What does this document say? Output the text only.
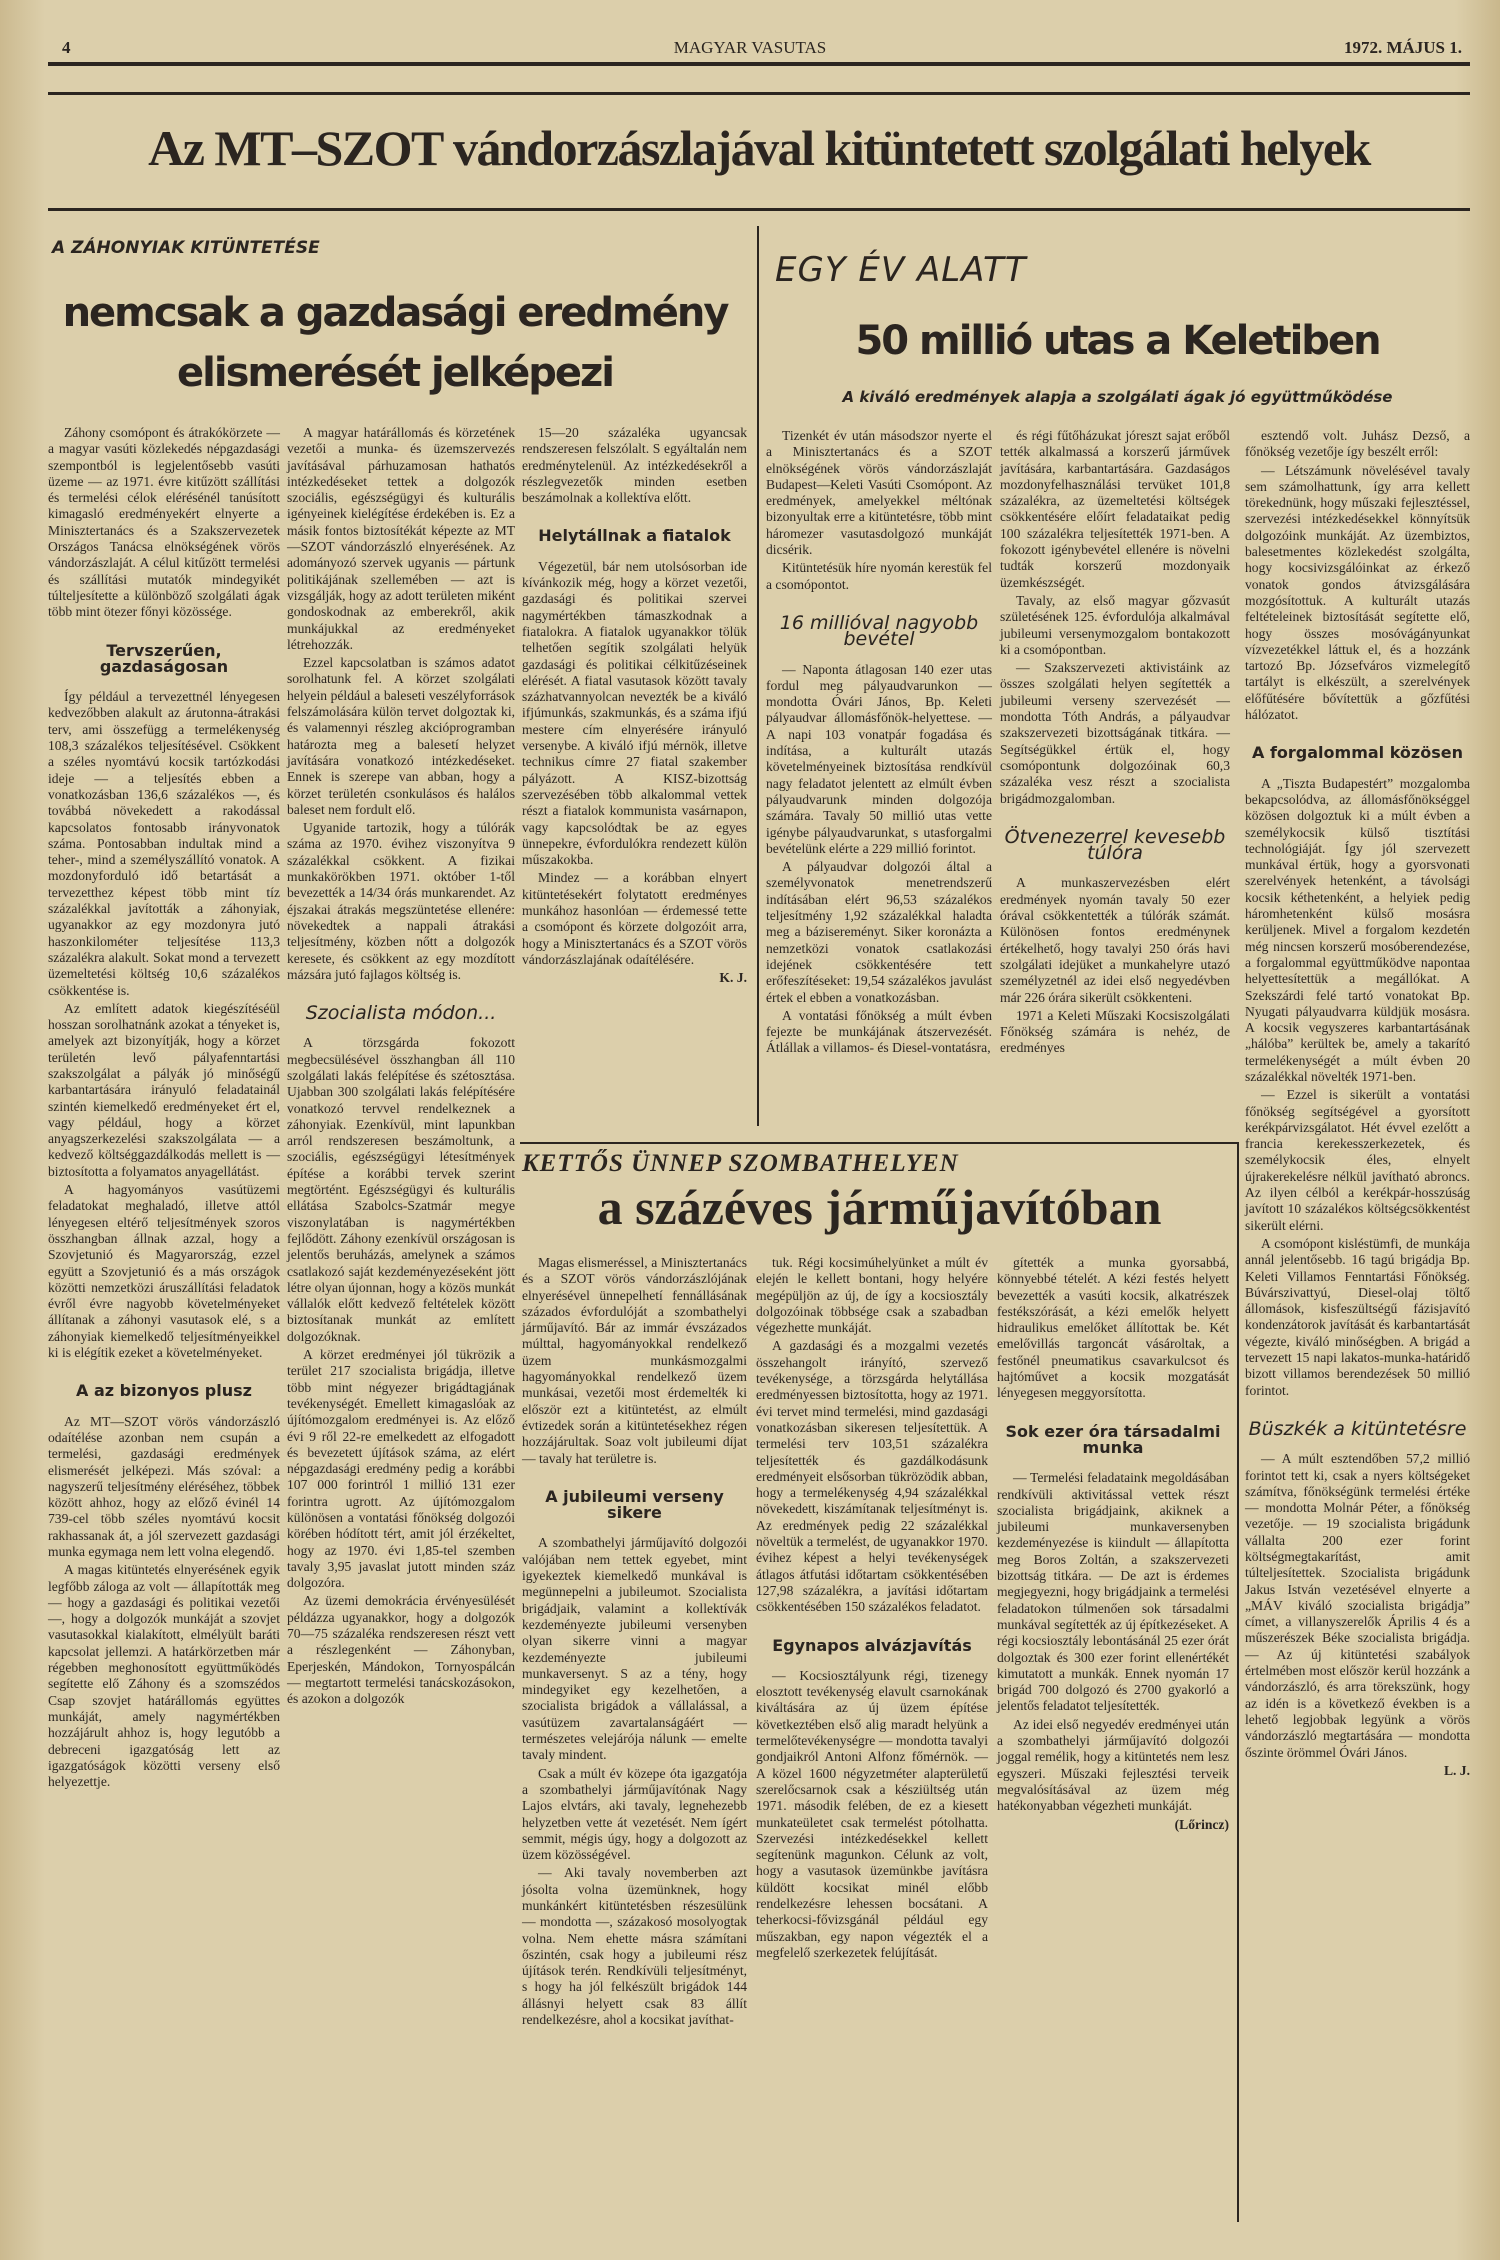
4	MAGYAR VASUTAS	1972. MÁJUS 1.
Az MT–SZOT vándorzászlajával kitüntetett szolgálati helyek
A ZÁHONYIAK KITÜNTETÉSE
nemcsak a gazdasági eredmény
elismerését jelképezi
EGY ÉV ALATT
50 millió utas a Keletiben
A kiváló eredmények alapja a szolgálati ágak jó együttműködése
KETTŐS ÜNNEP SZOMBATHELYEN
a százéves járműjavítóban

Záhony csomópont és átrakókörzete — a magyar vasúti közlekedés népgazdasági szempontból is legjelentősebb vasúti üzeme — az 1971. évre kitűzött szállítási és termelési célok elérésénél tanúsított kimagasló eredményekért elnyerte a Minisztertanács és a Szakszervezetek Országos Tanácsa elnökségének vörös vándorzászlaját. A célul kitűzött termelési és szállítási mutatók mindegyikét túlteljesítette a különböző szolgálati ágak több mint ötezer főnyi közössége.

Tervszerűen, gazdaságosan

Így például a tervezettnél lényegesen kedvezőbben alakult az árutonna-átrakási terv, ami összefügg a termelékenység 108,3 százalékos teljesítésével. Csökkent a széles nyomtávú kocsik tartózkodási ideje — a teljesítés ebben a vonatkozásban 136,6 százalékos —, és továbbá növekedett a rakodással kapcsolatos fontosabb irányvonatok száma. Pontosabban indultak mind a teher-, mind a személyszállító vonatok. A mozdonyforduló idő betartását a tervezetthez képest több mint tíz százalékkal javították a záhonyiak, ugyanakkor az egy mozdonyra jutó haszonkilométer teljesítése 113,3 százalékra alakult. Sokat mond a tervezett üzemeltetési költség 10,6 százalékos csökkentése is.

Az említett adatok kiegészítéséül hosszan sorolhatnánk azokat a tényeket is, amelyek azt bizonyítják, hogy a körzet területén levő pályafenntartási szakszolgálat a pályák jó minőségű karbantartására irányuló feladatainál szintén kiemelkedő eredményeket ért el, vagy például, hogy a körzet anyagszerkezelési szakszolgálata — a kedvező költséggazdálkodás mellett is — biztosította a folyamatos anyagellátást.

A hagyományos vasútüzemi feladatokat meghaladó, illetve attól lényegesen eltérő teljesítmények szoros összhangban állnak azzal, hogy a Szovjetunió és Magyarország, ezzel együtt a Szovjetunió és a más országok közötti nemzetközi áruszállítási feladatok évről évre nagyobb követelményeket állítanak a záhonyi vasutasok elé, s a záhonyiak kiemelkedő teljesítményeikkel ki is elégítik ezeket a követelményeket.

A az bizonyos plusz

Az MT—SZOT vörös vándorzászló odaítélése azonban nem csupán a termelési, gazdasági eredmények elismerését jelképezi. Más szóval: a nagyszerű teljesítmény eléréséhez, többek között ahhoz, hogy az előző évinél 14 739-cel több széles nyomtávú kocsit rakhassanak át, a jól szervezett gazdasági munka egymaga nem lett volna elegendő.

A magas kitüntetés elnyerésének egyik legfőbb záloga az volt — állapították meg — hogy a gazdasági és politikai vezetői —, hogy a dolgozók munkáját a szovjet vasutasokkal kialakított, elmélyült baráti kapcsolat jellemzi. A határkörzetben már régebben meghonosított együttműködés segítette elő Záhony és a szomszédos Csap szovjet határállomás együttes munkáját, amely nagymértékben hozzájárult ahhoz is, hogy legutóbb a debreceni igazgatóság lett az igazgatóságok közötti verseny első helyezettje.

A magyar határállomás és körzetének vezetői a munka- és üzemszervezés javításával párhuzamosan hathatós intézkedéseket tettek a dolgozók szociális, egészségügyi és kulturális igényeinek kielégítése érdekében is. Ez a másik fontos biztosítékát képezte az MT—SZOT vándorzászló elnyerésének. Az adományozó szervek ugyanis — pártunk politikájának szellemében — azt is vizsgálják, hogy az adott területen miként gondoskodnak az emberekről, akik munkájukkal az eredményeket létrehozzák.

Ezzel kapcsolatban is számos adatot sorolhatunk fel. A körzet szolgálati helyein például a baleseti veszélyforrások felszámolására külön tervet dolgoztak ki, és valamennyi részleg akcióprogramban határozta meg a balesetí helyzet javítására vonatkozó intézkedéseket. Ennek is szerepe van abban, hogy a körzet területén csonkulásos és halálos baleset nem fordult elő.

Ugyanide tartozik, hogy a túlórák száma az 1970. évihez viszonyítva 9 százalékkal csökkent. A fizikai munkakörökben 1971. október 1-től bevezették a 14/34 órás munkarendet. Az éjszakai átrakás megszüntetése ellenére: növekedtek a nappali átrakási teljesítmény, közben nőtt a dolgozók keresete, és csökkent az egy mozdított mázsára jutó fajlagos költség is.

Szocialista módon...

A törzsgárda fokozott megbecsülésével összhangban áll 110 szolgálati lakás felépítése és szétosztása. Ujabban 300 szolgálati lakás felépítésére vonatkozó tervvel rendelkeznek a záhonyiak. Ezenkívül, mint lapunkban arról rendszeresen beszámoltunk, a szociális, egészségügyi létesítmények építése a korábbi tervek szerint megtörtént. Egészségügyi és kulturális ellátása Szabolcs-Szatmár megye viszonylatában is nagymértékben fejlődött. Záhony ezenkívül országosan is jelentős beruházás, amelynek a számos csatlakozó saját kezdeményezéseként jött létre olyan újonnan, hogy a közös munkát vállalók előtt kedvező feltételek között biztosítanak munkát az említett dolgozóknak.

A körzet eredményei jól tükrözik a terület 217 szocialista brigádja, illetve több mint négyezer brigádtagjának tevékenységét. Emellett kimagaslóak az újítómozgalom eredményei is. Az előző évi 9 ről 22-re emelkedett az elfogadott és bevezetett újítások száma, az elért népgazdasági eredmény pedig a korábbi 107 000 forintról 1 millió 131 ezer forintra ugrott. Az újítómozgalom különösen a vontatási főnökség dolgozói körében hódított tért, amit jól érzékeltet, hogy az 1970. évi 1,85-tel szemben tavaly 3,95 javaslat jutott minden száz dolgozóra.

Az üzemi demokrácia érvényesülését példázza ugyanakkor, hogy a dolgozók 70—75 százaléka rendszeresen részt vett a részlegenként — Záhonyban, Eperjeskén, Mándokon, Tornyospálcán — megtartott termelési tanácskozásokon, és azokon a dolgozók

15—20 százaléka ugyancsak rendszeresen felszólalt. S egyáltalán nem eredménytelenül. Az intézkedésekről a részlegvezetők minden esetben beszámolnak a kollektíva előtt.

Helytállnak a fiatalok

Végezetül, bár nem utolsósorban ide kívánkozik még, hogy a körzet vezetői, gazdasági és politikai szervei nagymértékben támaszkodnak a fiatalokra. A fiatalok ugyanakkor tölük telhetően segítik szolgálati helyük gazdasági és politikai célkitűzéseinek elérését. A fiatal vasutasok között tavaly százhatvannyolcan nevezték be a kiváló ifjúmunkás, szakmunkás, és a száma ifjú mestere cím elnyerésére irányuló versenybe. A kiváló ifjú mérnök, illetve technikus címre 27 fiatal szakember pályázott. A KISZ-bizottság szervezésében több alkalommal vettek részt a fiatalok kommunista vasárnapon, vagy kapcsolódtak be az egyes ünnepekre, évfordulókra rendezett külön műszakokba.

Mindez — a korábban elnyert kitüntetésekért folytatott eredményes munkához hasonlóan — érdemessé tette a csomópont és körzete dolgozóit arra, hogy a Minisztertanács és a SZOT vörös vándorzászlajának odaítélésére.

K. J.

Tizenkét év után másodszor nyerte el a Minisztertanács és a SZOT elnökségének vörös vándorzászlaját Budapest—Keleti Vasúti Csomópont. Az eredmények, amelyekkel méltónak bizonyultak erre a kitüntetésre, több mint háromezer vasutasdolgozó munkáját dicsérik.

Kitüntetésük híre nyomán kerestük fel a csomópontot.

16 millióval nagyobb bevétel

— Naponta átlagosan 140 ezer utas fordul meg pályaudvarunkon — mondotta Óvári János, Bp. Keleti pályaudvar állomásfőnök-helyettese. — A napi 103 vonatpár fogadása és indítása, a kulturált utazás követelményeinek biztosítása rendkívül nagy feladatot jelentett az elmúlt évben pályaudvarunk minden dolgozója számára. Tavaly 50 millió utas vette igénybe pályaudvarunkat, s utasforgalmi bevételünk elérte a 229 millió forintot.

A pályaudvar dolgozói által a személyvonatok menetrendszerű indításában elért 96,53 százalékos teljesítmény 1,92 százalékkal haladta meg a bázisereményt. Siker koronázta a nemzetközi vonatok csatlakozási idejének csökkentésére tett erőfeszítéseket: 19,54 százalékos javulást értek el ebben a vonatkozásban.

A vontatási főnökség a múlt évben fejezte be munkájának átszervezését. Átlállak a villamos- és Diesel-vontatásra,

és régi fűtőházukat jóreszt sajat erőből tették alkalmassá a korszerű járművek javítására, karbantartására. Gazdaságos mozdonyfelhasználási tervüket 101,8 százalékra, az üzemeltetési költségek csökkentésére előírt feladataikat pedig 100 százalékra teljesítették 1971-ben. A fokozott igénybevétel ellenére is növelni tudták korszerű mozdonyaik üzemkészségét.

Tavaly, az első magyar gőzvasút születésének 125. évfordulója alkalmával jubileumi versenymozgalom bontakozott ki a csomópontban.

— Szakszervezeti aktivistáink az összes szolgálati helyen segítették a jubileumi verseny szervezését — mondotta Tóth András, a pályaudvar szakszervezeti bizottságának titkára. — Segítségükkel értük el, hogy csomópontunk dolgozóinak 60,3 százaléka vesz részt a szocialista brigádmozgalomban.

Ötvenezerrel kevesebb túlóra

A munkaszervezésben elért eredmények nyomán tavaly 50 ezer órával csökkentették a túlórák számát. Különösen fontos eredménynek értékelhető, hogy tavalyi 250 órás havi szolgálati idejüket a munkahelyre utazó személyzetnél az idei első negyedévben már 226 órára sikerült csökkenteni.

1971 a Keleti Műszaki Kocsiszolgálati Főnökség számára is nehéz, de eredményes

esztendő volt. Juhász Dezső, a főnökség vezetője így beszélt erről:

— Létszámunk növelésével tavaly sem számolhattunk, így arra kellett törekednünk, hogy műszaki fejlesztéssel, szervezési intézkedésekkel könnyítsük dolgozóink munkáját. Az üzembiztos, balesetmentes közlekedést szolgálta, hogy kocsivizsgálóinkat az érkező vonatok gondos átvizsgálására mozgósítottuk. A kulturált utazás feltételeinek biztosítását segítette elő, hogy összes mosóvágányunkat vízvezetékkel láttuk el, és a hozzánk tartozó Bp. Józsefváros vizmelegítő tartályt is elkészült, a szerelvények előfűtésére bővítettük a gőzfűtési hálózatot.

A forgalommal közösen

A „Tiszta Budapestért” mozgalomba bekapcsolódva, az állomásfőnökséggel közösen dolgoztuk ki a múlt évben a személykocsik külső tisztítási technológiáját. Így jól szervezett munkával értük, hogy a gyorsvonati szerelvények hetenként, a távolsági kocsik kéthetenként, a helyiek pedig háromhetenként külső mosásra kerüljenek. Mivel a forgalom kezdetén még nincsen korszerű mosóberendezése, a forgalommal együttműködve napontaa helyettesítettük a megállókat. A Szekszárdi felé tartó vonatokat Bp. Nyugati pályaudvarra küldjük mosásra. A kocsik vegyszeres karbantartásának „hálóba” kerültek be, amely a takarító termelékenységét a múlt évben 20 százalékkal növelték 1971-ben.

— Ezzel is sikerült a vontatási főnökség segítségével a gyorsított kerékpárvizsgálatot. Hét évvel ezelőtt a francia kerekesszerkezetek, és személykocsik éles, elnyelt újrakerekelésre nélkül javítható abroncs. Az ilyen célból a kerékpár-hosszúság javított 10 százalékos költségcsökkentést sikerült elérni.

A csomópont kisléstümfi, de munkája annál jelentősebb. 16 tagú brigádja Bp. Keleti Villamos Fenntartási Főnökség. Búvárszivattyú, Diesel-olaj töltő állomások, kisfeszültségű fázisjavító kondenzátorok javítását és karbantartását végezte, kiváló minőségben. A brigád a tervezett 15 napi lakatos-munka-határidő bizott villamos berendezések 50 millió forintot.

Büszkék a kitüntetésre

— A múlt esztendőben 57,2 millió forintot tett ki, csak a nyers költségeket számítva, főnökségünk termelési értéke — mondotta Molnár Péter, a főnökség vezetője. — 19 szocialista brigádunk vállalta 200 ezer forint költségmegtakarítást, amit túlteljesítettek. Szocialista brigádunk Jakus István vezetésével elnyerte a „MÁV kiváló szocialista brigádja” címet, a villanyszerelők Április 4 és a műszerészek Béke szocialista brigádja. — Az új kitüntetési szabályok értelmében most először kerül hozzánk a vándorzászló, és arra törekszünk, hogy az idén is a következő években is a lehető legjobbak legyünk a vörös vándorzászló megtartására — mondotta őszinte örömmel Óvári János.

L. J.

Magas elismeréssel, a Minisztertanács és a SZOT vörös vándorzászlójának elnyerésével ünnepelhetí fennállásának százados évfordulóját a szombathelyi járműjavító. Bár az immár évszázados múlttal, hagyományokkal rendelkező üzem munkásmozgalmi hagyományokkal rendelkező üzem munkásai, vezetői most érdemelték ki először ezt a kitüntetést, az elmúlt évtizedek során a kitüntetésekhez régen hozzájárultak. Soaz volt jubileumi díjat — tavaly hat területre is.

A jubileumi verseny sikere

A szombathelyi járműjavító dolgozói valójában nem tettek egyebet, mint igyekeztek kiemelkedő munkával is megünnepelni a jubileumot. Szocialista brigádjaik, valamint a kollektívák kezdeményezte jubileumi versenyben olyan sikerre vinni a magyar kezdeményezte jubileumi munkaversenyt. S az a tény, hogy mindegyiket egy kezelhetően, a szocialista brigádok a vállalással, a vasútüzem zavartalanságáért — természetes velejárója nálunk — emelte tavaly mindent.

Csak a múlt év közepe óta igazgatója a szombathelyi járműjavítónak Nagy Lajos elvtárs, aki tavaly, legnehezebb helyzetben vette át vezetését. Nem ígért semmit, mégis úgy, hogy a dolgozott az üzem közösségével.

— Aki tavaly novemberben azt jósolta volna üzemünknek, hogy munkánkért kitüntetésben részesülünk — mondotta —, százakosó mosolyogtak volna. Nem ehette másra számítani őszintén, csak hogy a jubileumi rész újítások terén. Rendkívüli teljesítményt, s hogy ha jól felkészült brigádok 144 állásnyi helyett csak 83 állít rendelkezésre, ahol a kocsikat javíthat-

tuk. Régi kocsimúhelyünket a múlt év elején le kellett bontani, hogy helyére megépüljön az új, de így a kocsiosztály dolgozóinak többsége csak a szabadban végezhette munkáját.

A gazdasági és a mozgalmi vezetés összehangolt irányító, szervező tevékenysége, a törzsgárda helytállása eredményessen biztosította, hogy az 1971. évi tervet mind termelési, mind gazdasági vonatkozásban sikeresen teljesítettük. A termelési terv 103,51 százalékra teljesítették és gazdálkodásunk eredményeit elsősorban tükrözödik abban, hogy a termelékenység 4,94 százalékkal növekedett, kiszámítanak teljesítményt is. Az eredmények pedig 22 százalékkal növeltük a termelést, de ugyanakkor 1970. évihez képest a helyi tevékenységek átlagos átfutási időtartam csökkentésében 127,98 százalékra, a javítási időtartam csökkentésében 150 százalékos feladatot.

Egynapos alvázjavítás

— Kocsiosztályunk régi, tizenegy elosztott tevékenység elavult csarnokának kiváltására az új üzem építése következtében első alig maradt helyünk a termelőtevékenységre — mondotta tavalyi gondjaikról Antoni Alfonz főmérnök. — A közel 1600 négyzetméter alapterületű szerelőcsarnok csak a késziültség után 1971. második felében, de ez a kiesett munkateületet csak termelést pótolhatta. Szervezési intézkedésekkel kellett segítenünk magunkon. Célunk az volt, hogy a vasutasok üzemünkbe javításra küldött kocsikat minél előbb rendelkezésre lehessen bocsátani. A teherkocsi-fővizsgánál például egy műszakban, egy napon végezték el a megfelelő szerkezetek felújítását.

gítették a munka gyorsabbá, könnyebbé tételét. A kézi festés helyett bevezették a vasúti kocsik, alkatrészek festékszórását, a kézi emelők helyett hidraulikus emelőket állítottak be. Két emelővillás targoncát vásároltak, a festőnél pneumatikus csavarkulcsot és hajtóművet a kocsik mozgatását lényegesen meggyorsította.

Sok ezer óra társadalmi munka

— Termelési feladataink megoldásában rendkívüli aktivitással vettek részt szocialista brigádjaink, akiknek a jubileumi munkaversenyben kezdeményezése is kiindult — állapította meg Boros Zoltán, a szakszervezeti bizottság titkára. — De azt is érdemes megjegyezni, hogy brigádjaink a termelési feladatokon túlmenően sok társadalmi munkával segítették az új építkezéseket. A régi kocsiosztály lebontásánál 25 ezer órát dolgoztak és 300 ezer forint ellenértékét kimutatott a munkák. Ennek nyomán 17 brigád 700 dolgozó és 2700 gyakorló a jelentős feladatot teljesítették.

Az idei első negyedév eredményei után a szombathelyi járműjavító dolgozói joggal remélik, hogy a kitüntetés nem lesz egyszeri. Műszaki fejlesztési terveik megvalósításával az üzem még hatékonyabban végezheti munkáját.

(Lőrincz)
